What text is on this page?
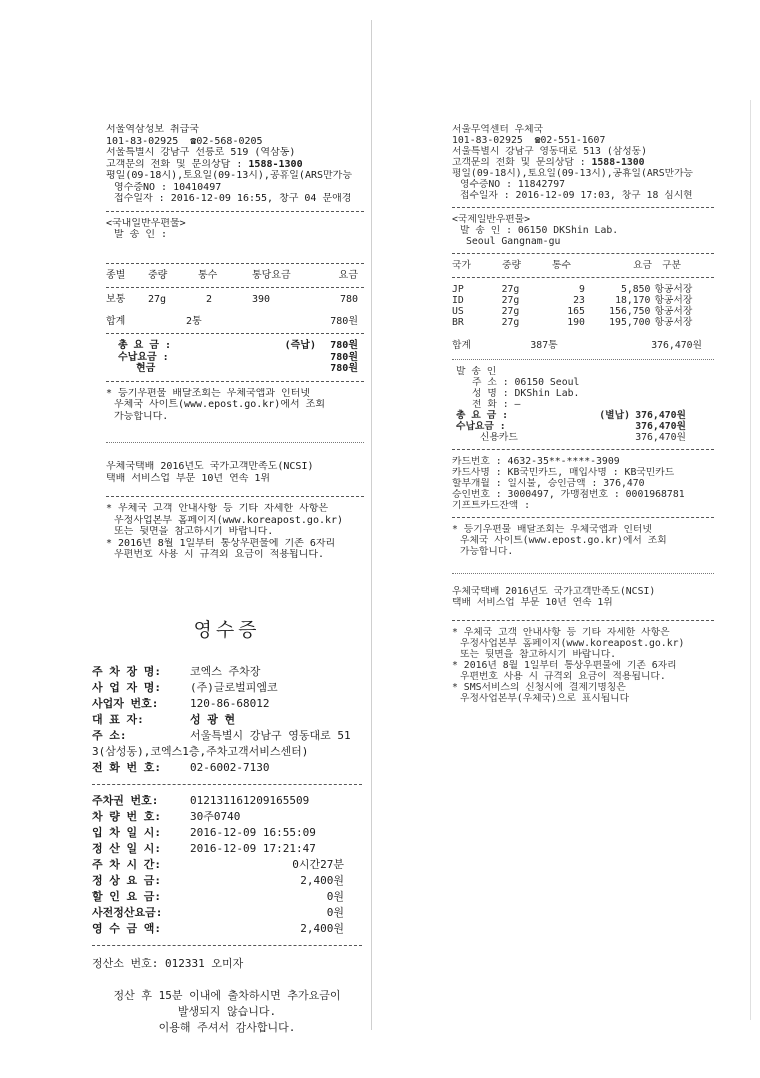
서울역삼성보 취급국
101-83-02925 ☎02-568-0205
서울특별시 강남구 선릉로 519 (역삼동)
고객문의 전화 및 문의상담 : 1588-1300
평일(09-18시),토요일(09-13시),공휴일(ARS만가능
영수증NO : 10410497
접수일자 : 2016-12-09 16:55, 창구 04 문애경
<국내일반우편물>
발 송 인 :
종별	중량	통수	통당요금	요금
보통	27g	2	390	780
합계	2통	780원
총 요 금 :	(즉납)	780원
수납요금 :	780원
현금	780원
* 등기우편물 배달조회는 우체국앱과 인터넷
우체국 사이트(www.epost.go.kr)에서 조회
가능합니다.
우체국택배 2016년도 국가고객만족도(NCSI)
택배 서비스업 부문 10년 연속 1위
* 우체국 고객 안내사항 등 기타 자세한 사항은
우정사업본부 홈페이지(www.koreapost.go.kr)
또는 뒷면을 참고하시기 바랍니다.
* 2016년 8월 1일부터 통상우편물에 기존 6자리
우편번호 사용 시 규격외 요금이 적용됩니다.
서울무역센터 우체국
101-83-02925 ☎02-551-1607
서울특별시 강남구 영동대로 513 (삼성동)
고객문의 전화 및 문의상담 : 1588-1300
평일(09-18시),토요일(09-13시),공휴일(ARS만가능
영수증NO : 11842797
접수일자 : 2016-12-09 17:03, 창구 18 심시현
<국제일반우편물>
발 송 인 : 06150 DKShin Lab.
Seoul Gangnam-gu
국가	중량	통수	요금	구분
JP	27g	9	5,850 항공서장
ID	27g	23	18,170 항공서장
US	27g	165	156,750 항공서장
BR	27g	190	195,700 항공서장
합계	387통	376,470원
발 송 인
주 소 : 06150 Seoul
성 명 : DKShin Lab.
전 화 : —
총 요 금 :	(별납) 376,470원
수납요금 :	376,470원
신용카드	376,470원
카드번호 : 4632-35**-****-3909
카드사명 : KB국민카드, 매입사명 : KB국민카드
할부개월 : 일시불, 승인금액 : 376,470
승인번호 : 3000497, 가맹점번호 : 0001968781
기프트카드잔액 :
* 등기우편물 배달조회는 우체국앱과 인터넷
우체국 사이트(www.epost.go.kr)에서 조회
가능합니다.
우체국택배 2016년도 국가고객만족도(NCSI)
택배 서비스업 부문 10년 연속 1위
* 우체국 고객 안내사항 등 기타 자세한 사항은
우정사업본부 홈페이지(www.koreapost.go.kr)
또는 뒷면을 참고하시기 바랍니다.
* 2016년 8월 1일부터 통상우편물에 기존 6자리
우편번호 사용 시 규격외 요금이 적용됩니다.
* SMS서비스의 신청시에 결제기명칭은
우정사업본부(우체국)으로 표시됩니다
영수증
주 차 장 명:	코엑스 주차장
사 업 자 명:	(주)글로벌피엠코
사업자 번호:	120-86-68012
대 표 자:	성 광 현
주 소:	서울특별시 강남구 영동대로 51
3(삼성동),코엑스1층,주차고객서비스센터)
전 화 번 호:	02-6002-7130
주차권 번호:	012131161209165509
차 량 번 호:	30주0740
입 차 일 시:	2016-12-09 16:55:09
정 산 일 시:	2016-12-09 17:21:47
주 차 시 간:	0시간27분
정 상 요 금:	2,400원
할 인 요 금:	0원
사전정산요금:	0원
영 수 금 액:	2,400원
정산소 번호: 012331 오미자
정산 후 15분 이내에 출차하시면 추가요금이
발생되지 않습니다.
이용해 주셔서 감사합니다.
